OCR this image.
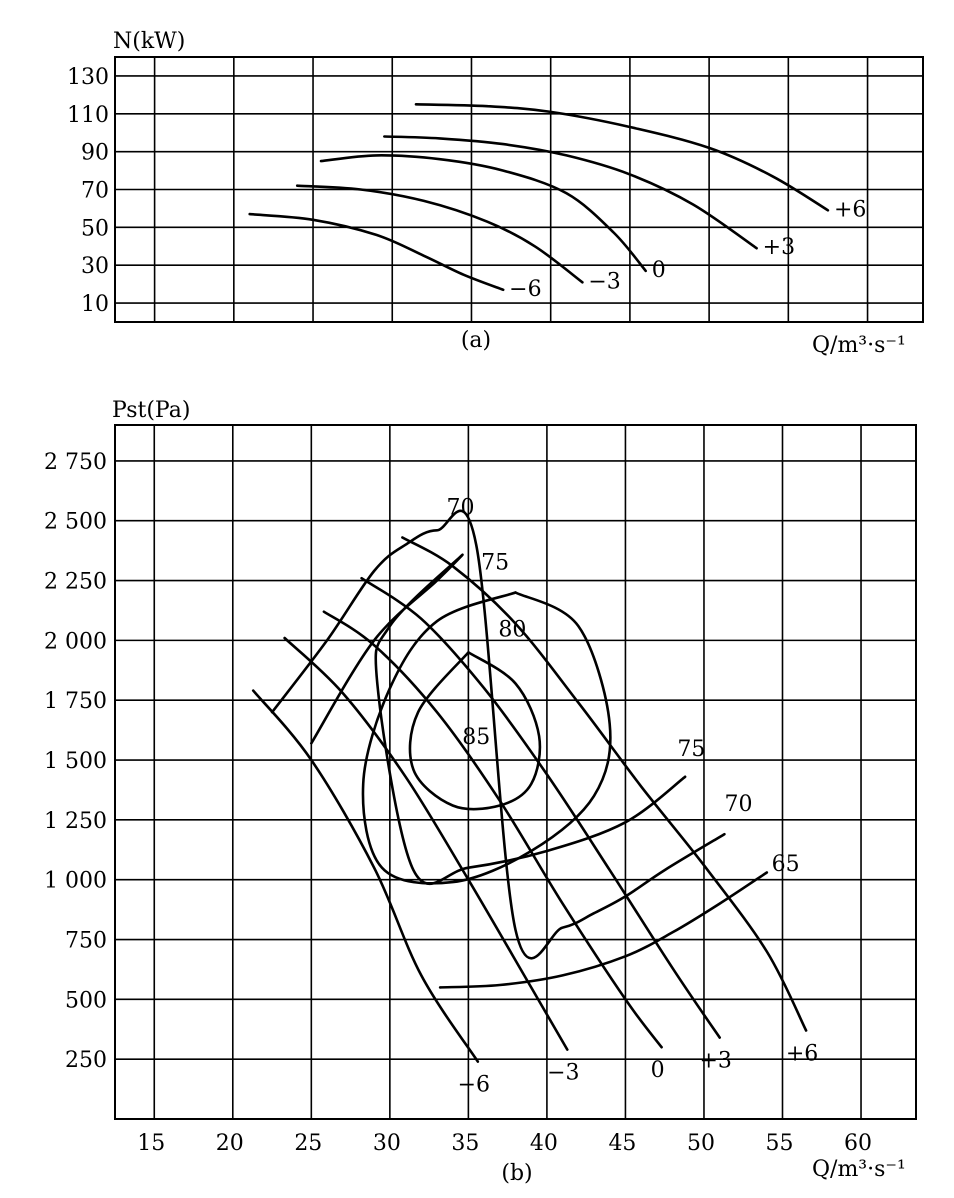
10
30
50
70
90
110
130
+6
+3
0
−3
−6
N(kW)
Q/m³·s⁻¹
(a)
250
500
750
1 000
1 250
1 500
1 750
2 000
2 250
2 500
2 750
15 20 25 30 35 40 45 50 55 60
−6	−3	0 +3 +6
85
80
75
70
65
70
75
Pst(Pa)
Q/m³·s⁻¹
(b)
